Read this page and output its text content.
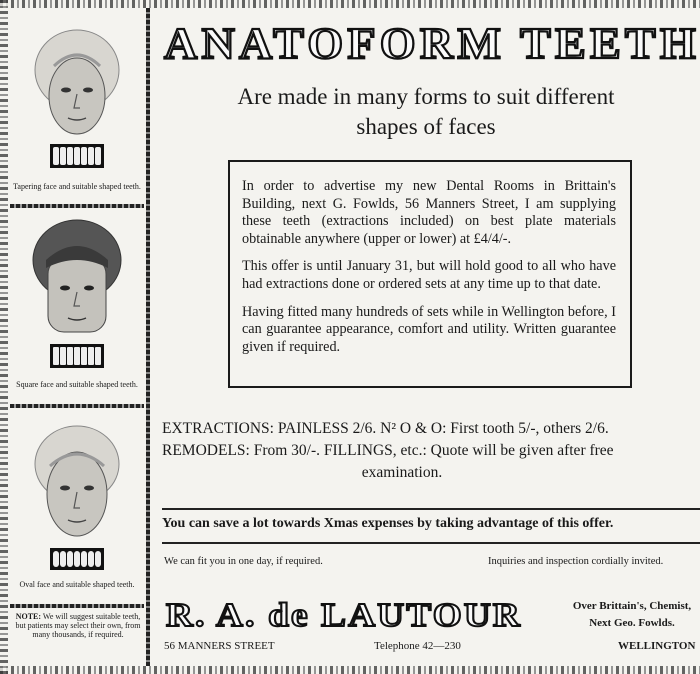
Tapering face and suitable shaped teeth.
Square face and suitable shaped teeth.
Oval face and suitable shaped teeth.
NOTE: We will suggest suitable teeth, but patients may select their own, from many thousands, if required.
ANATOFORM TEETH
Are made in many forms to suit different
shapes of faces

In order to advertise my new Dental Rooms in Brittain's Building, next G. Fowlds, 56 Manners Street, I am supplying these teeth (extractions included) on best plate materials obtainable anywhere (upper or lower) at £4/4/-.

This offer is until January 31, but will hold good to all who have had extractions done or ordered sets at any time up to that date.

Having fitted many hundreds of sets while in Wellington before, I can guarantee appearance, comfort and utility. Written guarantee given if required.

EXTRACTIONS: PAINLESS 2/6. N² O & O: First tooth 5/-, others 2/6.
REMODELS: From 30/-. FILLINGS, etc.: Quote will be given after free
examination.
You can save a lot towards Xmas expenses by taking advantage of this offer.
We can fit you in one day, if required.	Inquiries and inspection cordially invited.
R. A. de LAUTOUR	Over Brittain's, Chemist,
Next Geo. Fowlds.
56 MANNERS STREET	Telephone 42—230	WELLINGTON
